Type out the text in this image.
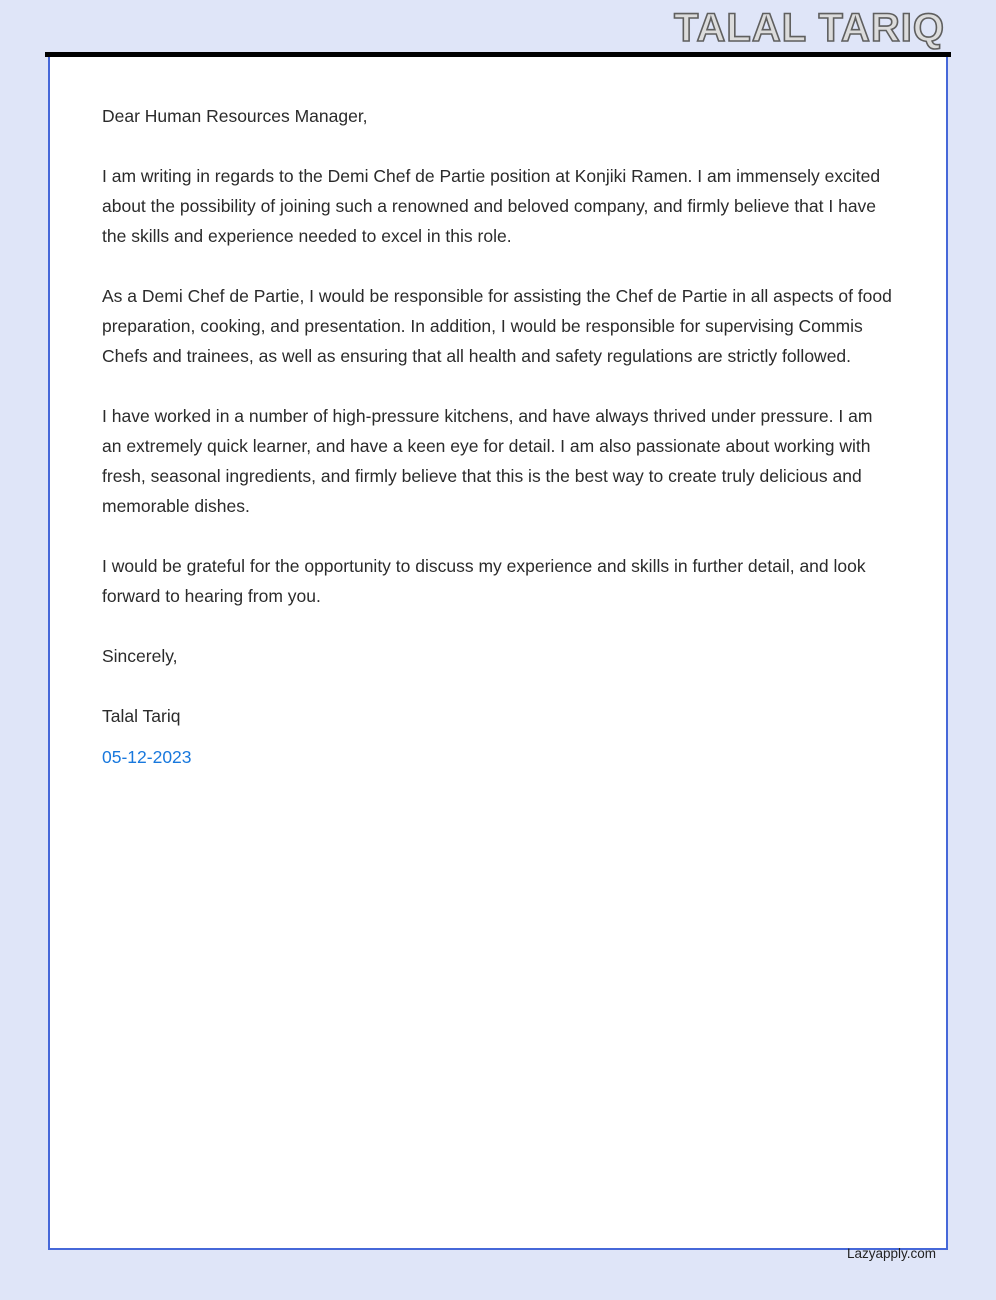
TALAL TARIQ

Dear Human Resources Manager,

I am writing in regards to the Demi Chef de Partie position at Konjiki Ramen. I am immensely excited about the possibility of joining such a renowned and beloved company, and firmly believe that I have the skills and experience needed to excel in this role.

As a Demi Chef de Partie, I would be responsible for assisting the Chef de Partie in all aspects of food preparation, cooking, and presentation. In addition, I would be responsible for supervising Commis Chefs and trainees, as well as ensuring that all health and safety regulations are strictly followed.

I have worked in a number of high-pressure kitchens, and have always thrived under pressure. I am an extremely quick learner, and have a keen eye for detail. I am also passionate about working with fresh, seasonal ingredients, and firmly believe that this is the best way to create truly delicious and memorable dishes.

I would be grateful for the opportunity to discuss my experience and skills in further detail, and look forward to hearing from you.

Sincerely,

Talal Tariq

05-12-2023

Lazyapply.com
